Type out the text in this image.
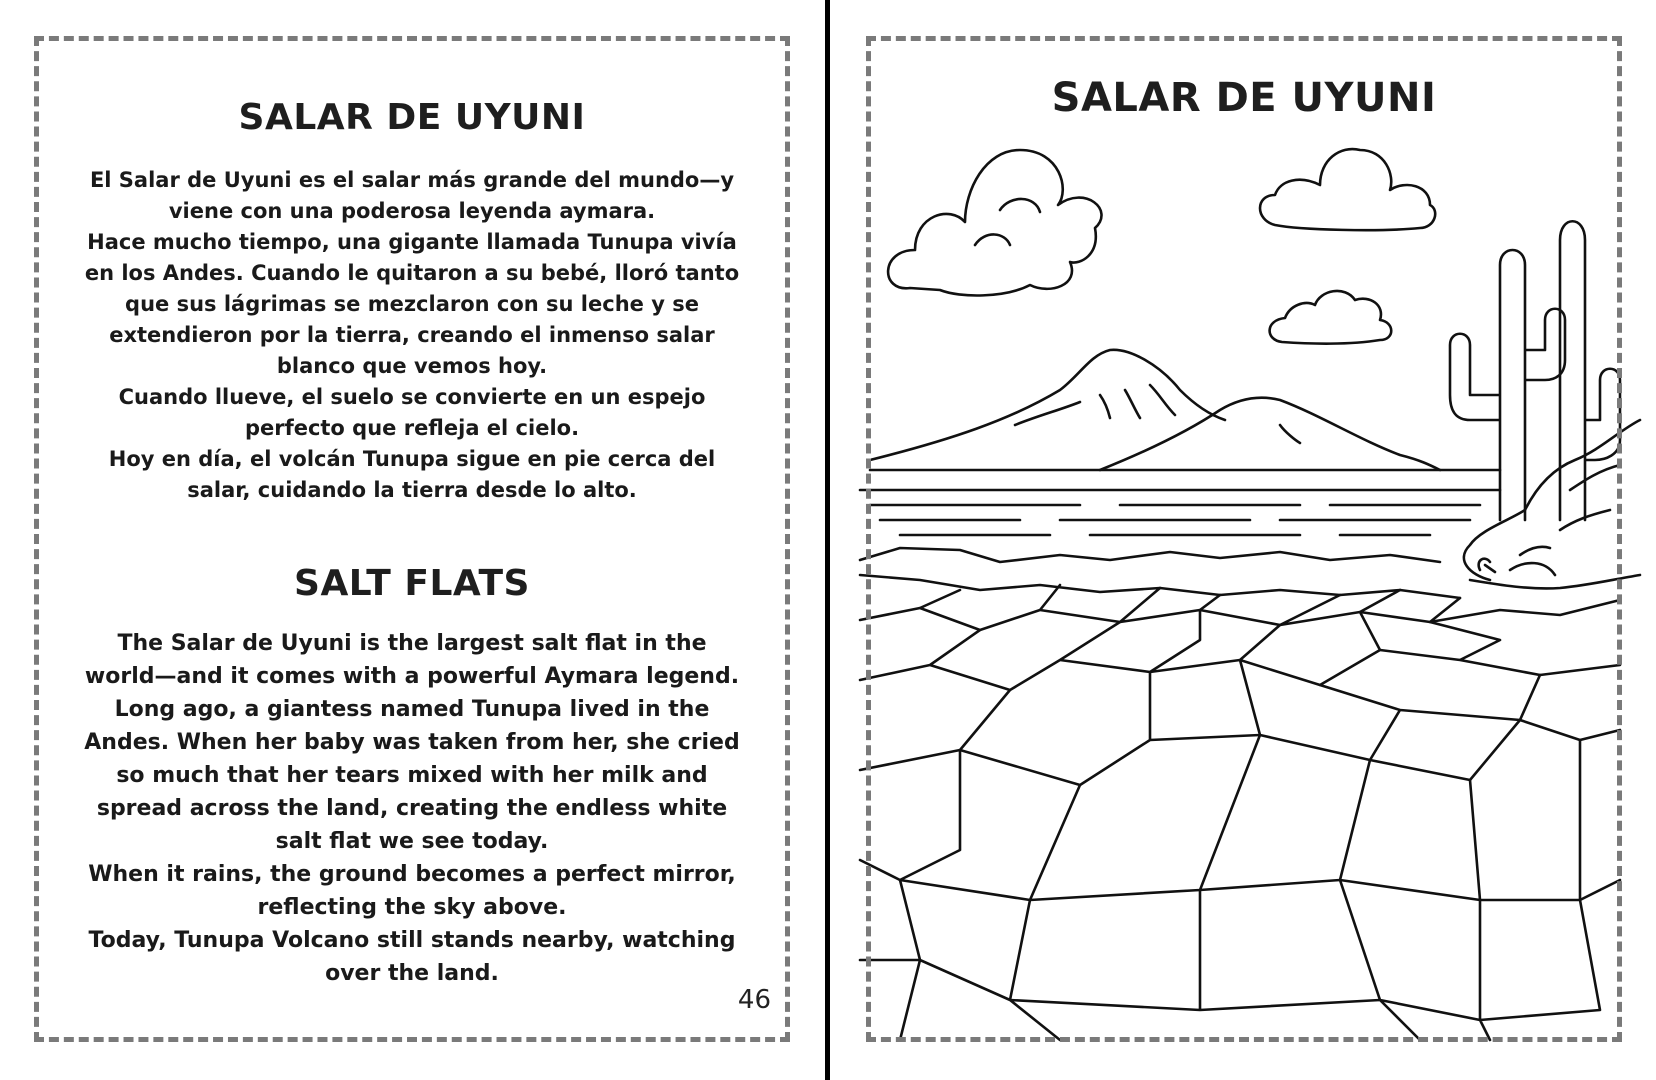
SALAR DE UYUNI

El Salar de Uyuni es el salar más grande del mundo—y viene con una poderosa leyenda aymara.

Hace mucho tiempo, una gigante llamada Tunupa vivía en los Andes. Cuando le quitaron a su bebé, lloró tanto que sus lágrimas se mezclaron con su leche y se extendieron por la tierra, creando el inmenso salar blanco que vemos hoy.

Cuando llueve, el suelo se convierte en un espejo perfecto que refleja el cielo.

Hoy en día, el volcán Tunupa sigue en pie cerca del salar, cuidando la tierra desde lo alto.

SALT FLATS

The Salar de Uyuni is the largest salt flat in the world—and it comes with a powerful Aymara legend.

Long ago, a giantess named Tunupa lived in the Andes. When her baby was taken from her, she cried so much that her tears mixed with her milk and spread across the land, creating the endless white salt flat we see today.

When it rains, the ground becomes a perfect mirror, reflecting the sky above.

Today, Tunupa Volcano still stands nearby, watching over the land.

46
SALAR DE UYUNI
